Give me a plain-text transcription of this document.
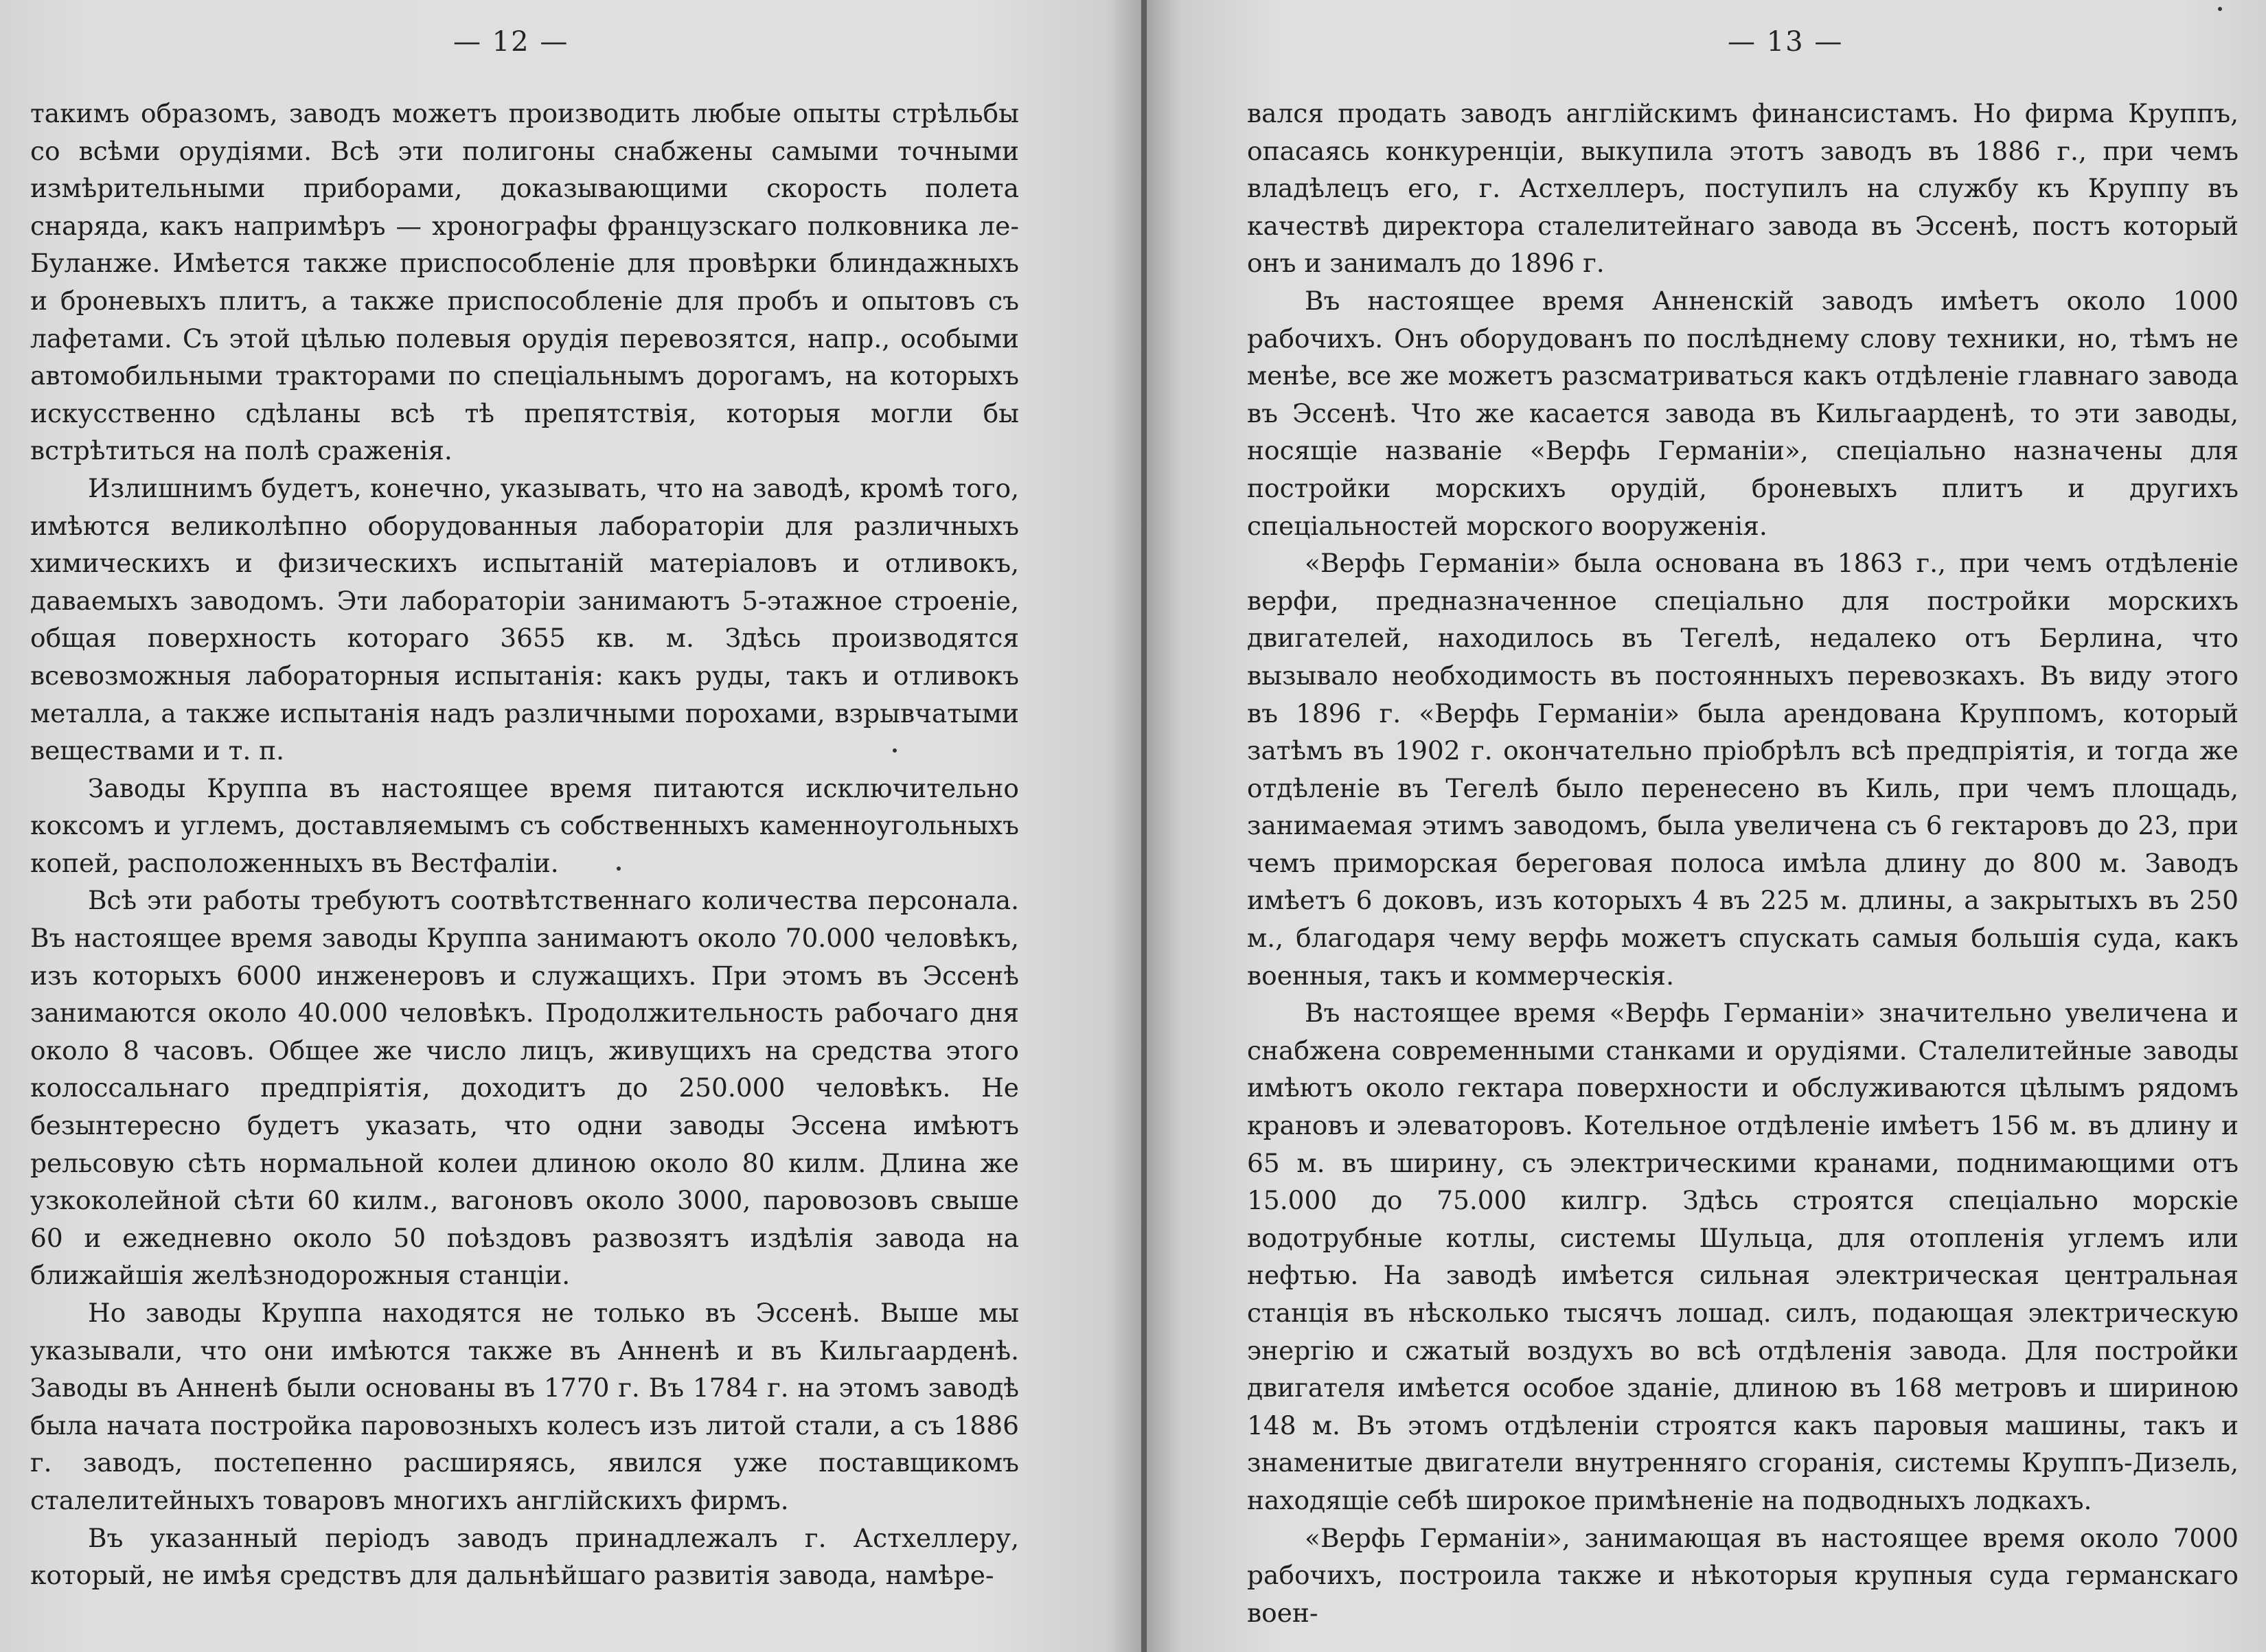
— 12 —

такимъ образомъ, заводъ можетъ производить любые опыты стрѣльбы со всѣми орудіями. Всѣ эти полигоны снабжены самыми точными измѣрительными приборами, доказывающими скорость полета снаряда, какъ напримѣръ — хронографы французскаго полковника ле-Буланже. Имѣется также приспособленіе для провѣрки блиндажныхъ и броневыхъ плитъ, а также приспособленіе для пробъ и опытовъ съ лафетами. Съ этой цѣлью полевыя орудія перевозятся, напр., особыми автомобильными тракторами по спеціальнымъ дорогамъ, на которыхъ искусственно сдѣланы всѣ тѣ препятствія, которыя могли бы встрѣтиться на полѣ сраженія.

Излишнимъ будетъ, конечно, указывать, что на заводѣ, кромѣ того, имѣются великолѣпно оборудованныя лабораторіи для различныхъ химическихъ и физическихъ испытаній матеріаловъ и отливокъ, даваемыхъ заводомъ. Эти лабораторіи занимаютъ 5-этажное строеніе, общая поверхность котораго 3655 кв. м. Здѣсь производятся всевозможныя лабораторныя испытанія: какъ руды, такъ и отливокъ металла, а также испытанія надъ различными порохами, взрывчатыми веществами и т. п.

Заводы Круппа въ настоящее время питаются исключительно коксомъ и углемъ, доставляемымъ съ собственныхъ каменноугольныхъ копей, расположенныхъ въ Вестфаліи.

Всѣ эти работы требуютъ соотвѣтственнаго количества персонала. Въ настоящее время заводы Круппа занимаютъ около 70.000 человѣкъ, изъ которыхъ 6000 инженеровъ и служащихъ. При этомъ въ Эссенѣ занимаются около 40.000 человѣкъ. Продолжительность рабочаго дня около 8 часовъ. Общее же число лицъ, живущихъ на средства этого колоссальнаго предпріятія, доходитъ до 250.000 человѣкъ. Не безынтересно будетъ указать, что одни заводы Эссена имѣютъ рельсовую сѣть нормальной колеи длиною около 80 килм. Длина же узкоколейной сѣти 60 килм., вагоновъ около 3000, паровозовъ свыше 60 и ежедневно около 50 поѣздовъ развозятъ издѣлія завода на ближайшія желѣзнодорожныя станціи.

Но заводы Круппа находятся не только въ Эссенѣ. Выше мы указывали, что они имѣются также въ Анненѣ и въ Кильгаарденѣ. Заводы въ Анненѣ были основаны въ 1770 г. Въ 1784 г. на этомъ заводѣ была начата постройка паровозныхъ колесъ изъ литой стали, а съ 1886 г. заводъ, постепенно расширяясь, явился уже поставщикомъ сталелитейныхъ товаровъ многихъ англійскихъ фирмъ.

Въ указанный періодъ заводъ принадлежалъ г. Астхеллеру, который, не имѣя средствъ для дальнѣйшаго развитія завода, намѣре-

— 13 —

вался продать заводъ англійскимъ финансистамъ. Но фирма Круппъ, опасаясь конкуренціи, выкупила этотъ заводъ въ 1886 г., при чемъ владѣлецъ его, г. Астхеллеръ, поступилъ на службу къ Круппу въ качествѣ директора сталелитейнаго завода въ Эссенѣ, постъ который онъ и занималъ до 1896 г.

Въ настоящее время Анненскій заводъ имѣетъ около 1000 рабочихъ. Онъ оборудованъ по послѣднему слову техники, но, тѣмъ не менѣе, все же можетъ разсматриваться какъ отдѣленіе главнаго завода въ Эссенѣ. Что же касается завода въ Кильгаарденѣ, то эти заводы, носящіе названіе «Верфь Германіи», спеціально назначены для постройки морскихъ орудій, броневыхъ плитъ и другихъ спеціальностей морского вооруженія.

«Верфь Германіи» была основана въ 1863 г., при чемъ отдѣленіе верфи, предназначенное спеціально для постройки морскихъ двигателей, находилось въ Тегелѣ, недалеко отъ Берлина, что вызывало необходимость въ постоянныхъ перевозкахъ. Въ виду этого въ 1896 г. «Верфь Германіи» была арендована Круппомъ, который затѣмъ въ 1902 г. окончательно пріобрѣлъ всѣ предпріятія, и тогда же отдѣленіе въ Тегелѣ было перенесено въ Киль, при чемъ площадь, занимаемая этимъ заводомъ, была увеличена съ 6 гектаровъ до 23, при чемъ приморская береговая полоса имѣла длину до 800 м. Заводъ имѣетъ 6 доковъ, изъ которыхъ 4 въ 225 м. длины, а закрытыхъ въ 250 м., благодаря чему верфь можетъ спускать самыя большія суда, какъ военныя, такъ и коммерческія.

Въ настоящее время «Верфь Германіи» значительно увеличена и снабжена современными станками и орудіями. Сталелитейные заводы имѣютъ около гектара поверхности и обслуживаются цѣлымъ рядомъ крановъ и элеваторовъ. Котельное отдѣленіе имѣетъ 156 м. въ длину и 65 м. въ ширину, съ электрическими кранами, поднимающими отъ 15.000 до 75.000 килгр. Здѣсь строятся спеціально морскіе водотрубные котлы, системы Шульца, для отопленія углемъ или нефтью. На заводѣ имѣется сильная электрическая центральная станція въ нѣсколько тысячъ лошад. силъ, подающая электрическую энергію и сжатый воздухъ во всѣ отдѣленія завода. Для постройки двигателя имѣется особое зданіе, длиною въ 168 метровъ и шириною 148 м. Въ этомъ отдѣленіи строятся какъ паровыя машины, такъ и знаменитые двигатели внутренняго сгоранія, системы Круппъ-Дизель, находящіе себѣ широкое примѣненіе на подводныхъ лодкахъ.

«Верфь Германіи», занимающая въ настоящее время около 7000 рабочихъ, построила также и нѣкоторыя крупныя суда германскаго воен-
